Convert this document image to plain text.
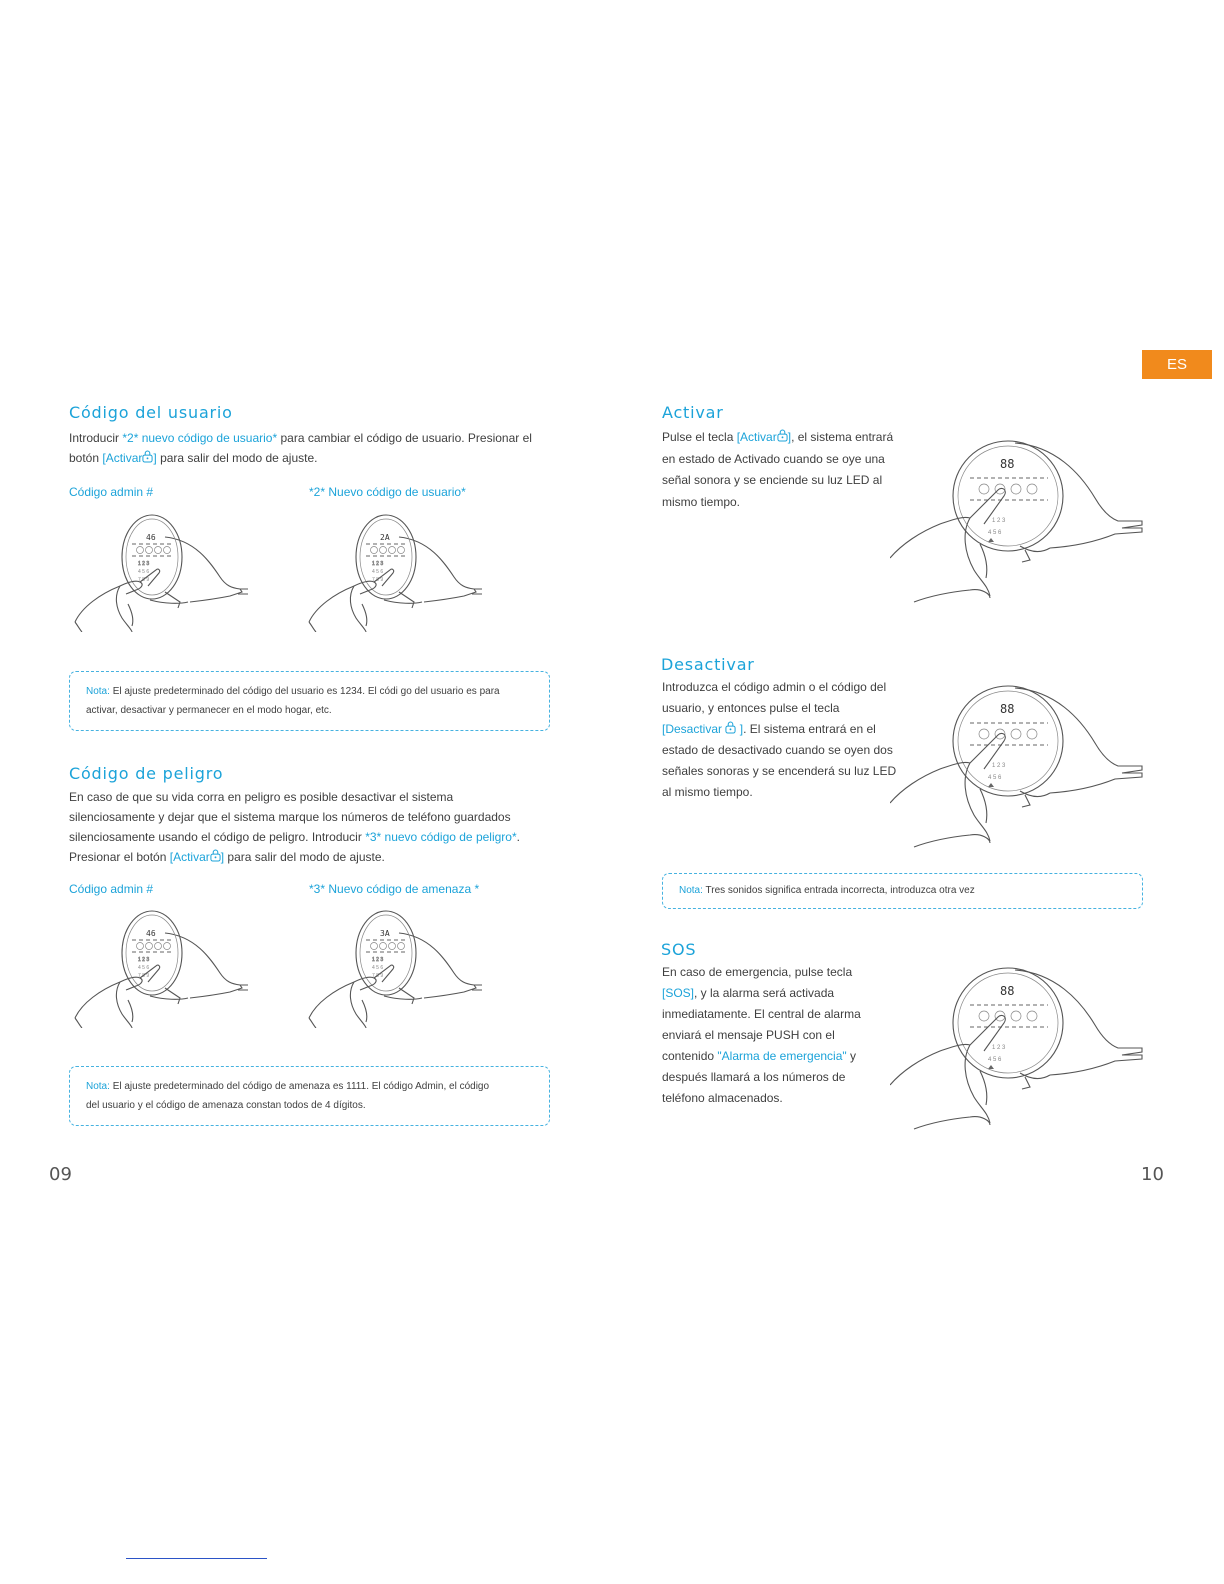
ES
Código del usuario
Introducir *2* nuevo código de usuario* para cambiar el código de usuario. Presionar el
botón [Activar ] para salir del modo de ajuste.
Código admin #	*2* Nuevo código de usuario*
46	2A
Nota: El ajuste predeterminado del código del usuario es 1234. El códi go del usuario es para
activar, desactivar y permanecer en el modo hogar, etc.
Código de peligro
En caso de que su vida corra en peligro es posible desactivar el sistema
silenciosamente y dejar que el sistema marque los números de teléfono guardados
silenciosamente usando el código de peligro. Introducir *3* nuevo código de peligro*.
Presionar el botón [Activar ] para salir del modo de ajuste.
Código admin #	*3* Nuevo código de amenaza *
46	3A
Nota: El ajuste predeterminado del código de amenaza es 1111. El código Admin, el código
del usuario y el código de amenaza constan todos de 4 dígitos.
09
Activar
Pulse el tecla [Activar ], el sistema entrará
en estado de Activado cuando se oye una
señal sonora y se enciende su luz LED al
mismo tiempo.
88
Desactivar
Introduzca el código admin o el código del
usuario, y entonces pulse el tecla
[Desactivar ]. El sistema entrará en el
estado de desactivado cuando se oyen dos
señales sonoras y se encenderá su luz LED
al mismo tiempo.
88
Nota: Tres sonidos significa entrada incorrecta, introduzca otra vez
SOS
En caso de emergencia, pulse tecla
[SOS], y la alarma será activada
inmediatamente. El central de alarma
enviará el mensaje PUSH con el
contenido "Alarma de emergencia" y
después llamará a los números de
teléfono almacenados.
88
10
